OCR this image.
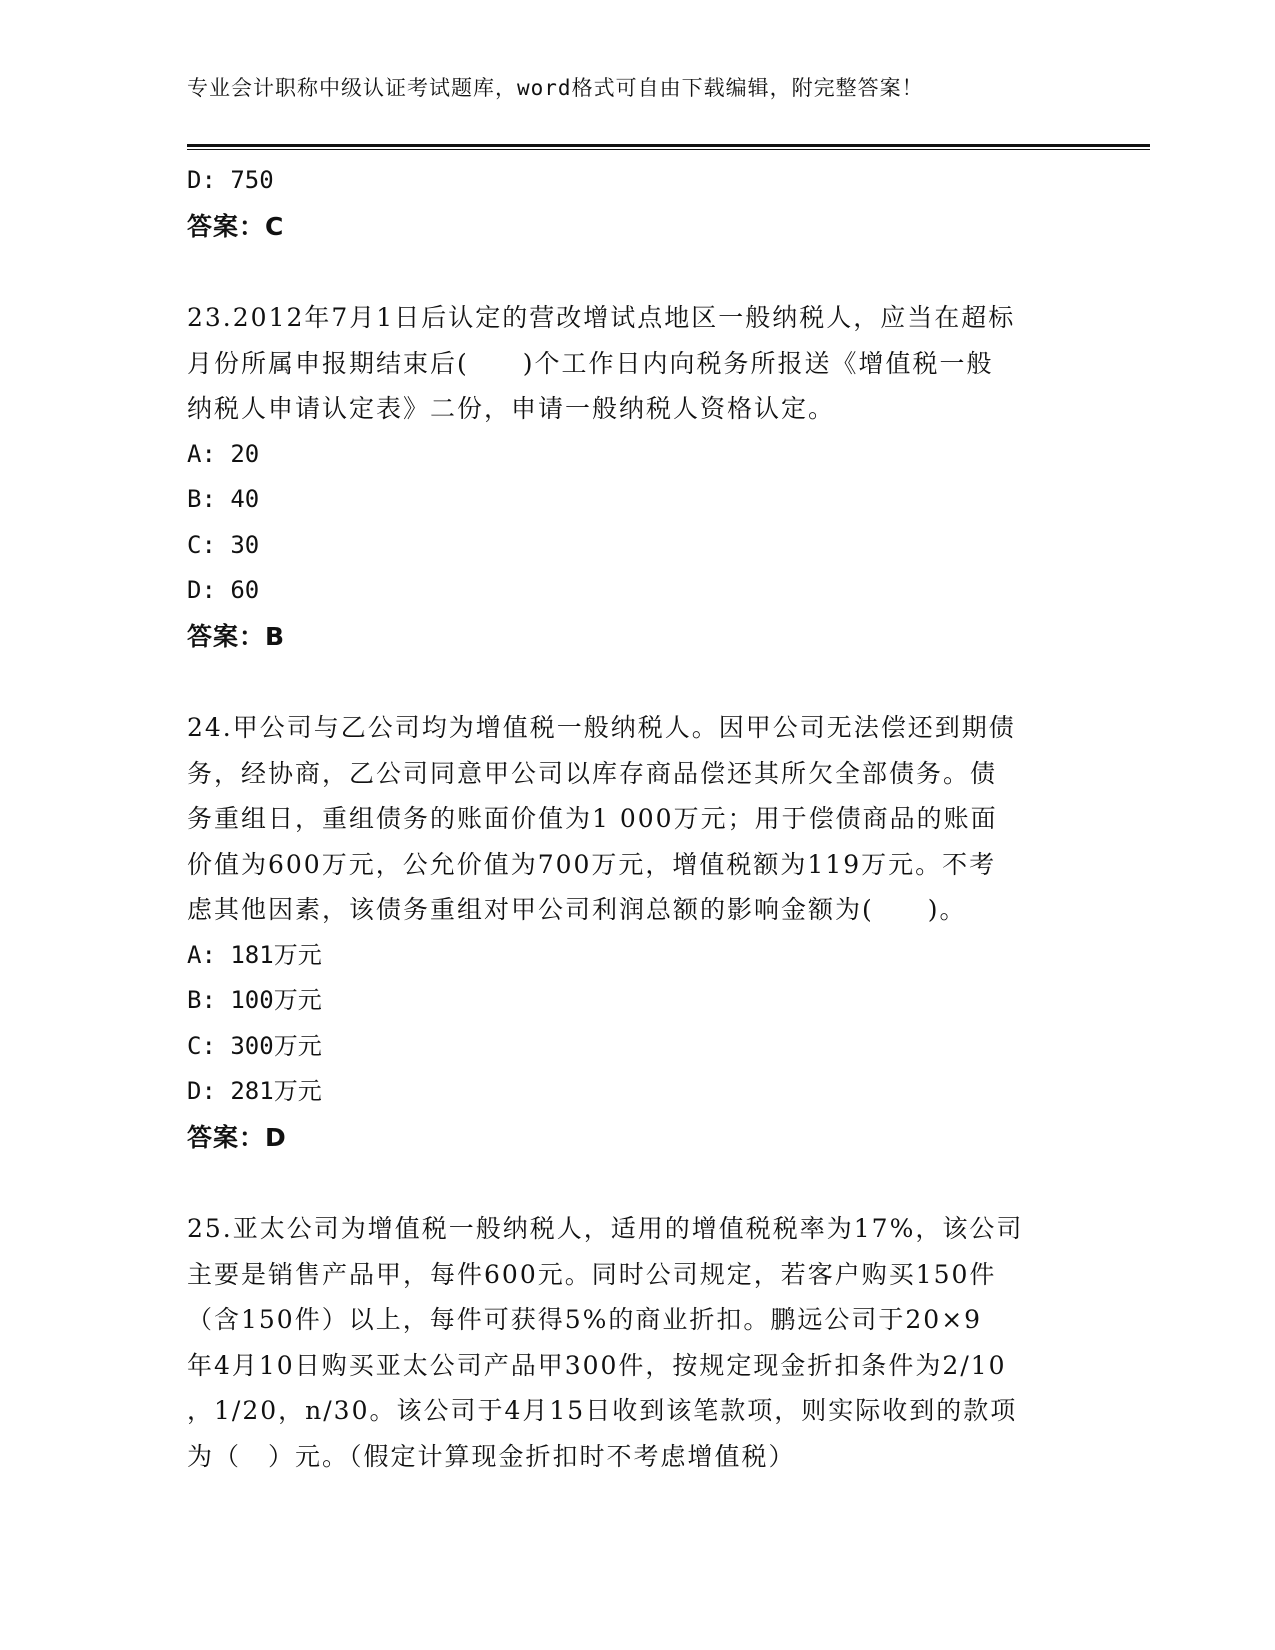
专业会计职称中级认证考试题库，word格式可自由下载编辑，附完整答案！
D: 750
答案：C
23.2012年7月1日后认定的营改增试点地区一般纳税人，应当在超标
月份所属申报期结束后(　　)个工作日内向税务所报送《增值税一般
纳税人申请认定表》二份，申请一般纳税人资格认定。
A: 20
B: 40
C: 30
D: 60
答案：B
24.甲公司与乙公司均为增值税一般纳税人。因甲公司无法偿还到期债
务，经协商，乙公司同意甲公司以库存商品偿还其所欠全部债务。债
务重组日，重组债务的账面价值为1 000万元；用于偿债商品的账面
价值为600万元，公允价值为700万元，增值税额为119万元。不考
虑其他因素，该债务重组对甲公司利润总额的影响金额为(　　)。
A: 181万元
B: 100万元
C: 300万元
D: 281万元
答案：D
25.亚太公司为增值税一般纳税人，适用的增值税税率为17%，该公司
主要是销售产品甲，每件600元。同时公司规定，若客户购买150件
（含150件）以上，每件可获得5%的商业折扣。鹏远公司于20×9
年4月10日购买亚太公司产品甲300件，按规定现金折扣条件为2/10
，1/20，n/30。该公司于4月15日收到该笔款项，则实际收到的款项
为（　）元。（假定计算现金折扣时不考虑增值税）
